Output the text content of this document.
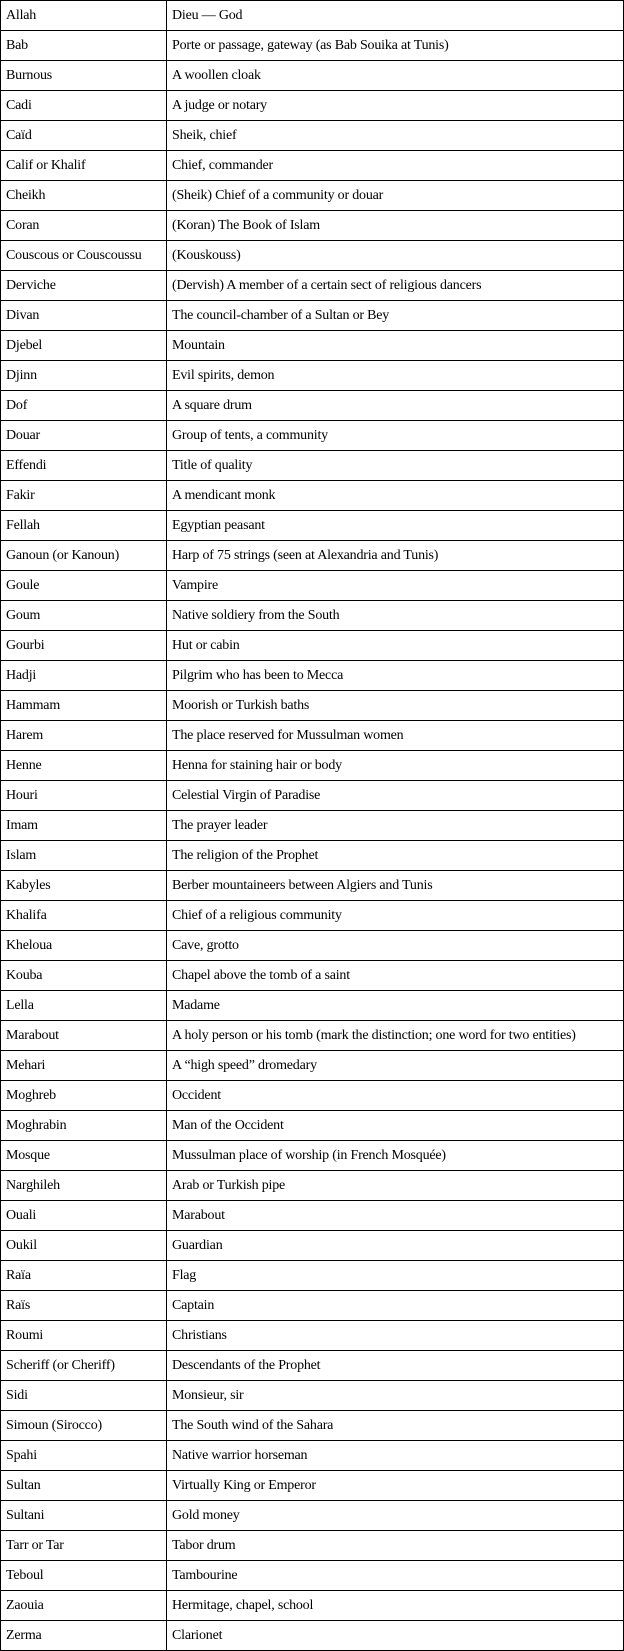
Allah	Dieu — God
Bab	Porte or passage, gateway (as Bab Souika at Tunis)
Burnous	A woollen cloak
Cadi	A judge or notary
Caïd	Sheik, chief
Calif or Khalif	Chief, commander
Cheikh	(Sheik) Chief of a community or douar
Coran	(Koran) The Book of Islam
Couscous or Couscoussu	(Kouskouss)
Derviche	(Dervish) A member of a certain sect of religious dancers
Divan	The council-chamber of a Sultan or Bey
Djebel	Mountain
Djinn	Evil spirits, demon
Dof	A square drum
Douar	Group of tents, a community
Effendi	Title of quality
Fakir	A mendicant monk
Fellah	Egyptian peasant
Ganoun (or Kanoun)	Harp of 75 strings (seen at Alexandria and Tunis)
Goule	Vampire
Goum	Native soldiery from the South
Gourbi	Hut or cabin
Hadji	Pilgrim who has been to Mecca
Hammam	Moorish or Turkish baths
Harem	The place reserved for Mussulman women
Henne	Henna for staining hair or body
Houri	Celestial Virgin of Paradise
Imam	The prayer leader
Islam	The religion of the Prophet
Kabyles	Berber mountaineers between Algiers and Tunis
Khalifa	Chief of a religious community
Kheloua	Cave, grotto
Kouba	Chapel above the tomb of a saint
Lella	Madame
Marabout	A holy person or his tomb (mark the distinction; one word for two entities)
Mehari	A “high speed” dromedary
Moghreb	Occident
Moghrabin	Man of the Occident
Mosque	Mussulman place of worship (in French Mosquée)
Narghileh	Arab or Turkish pipe
Ouali	Marabout
Oukil	Guardian
Raïa	Flag
Raïs	Captain
Roumi	Christians
Scheriff (or Cheriff)	Descendants of the Prophet
Sidi	Monsieur, sir
Simoun (Sirocco)	The South wind of the Sahara
Spahi	Native warrior horseman
Sultan	Virtually King or Emperor
Sultani	Gold money
Tarr or Tar	Tabor drum
Teboul	Tambourine
Zaouia	Hermitage, chapel, school
Zerma	Clarionet
